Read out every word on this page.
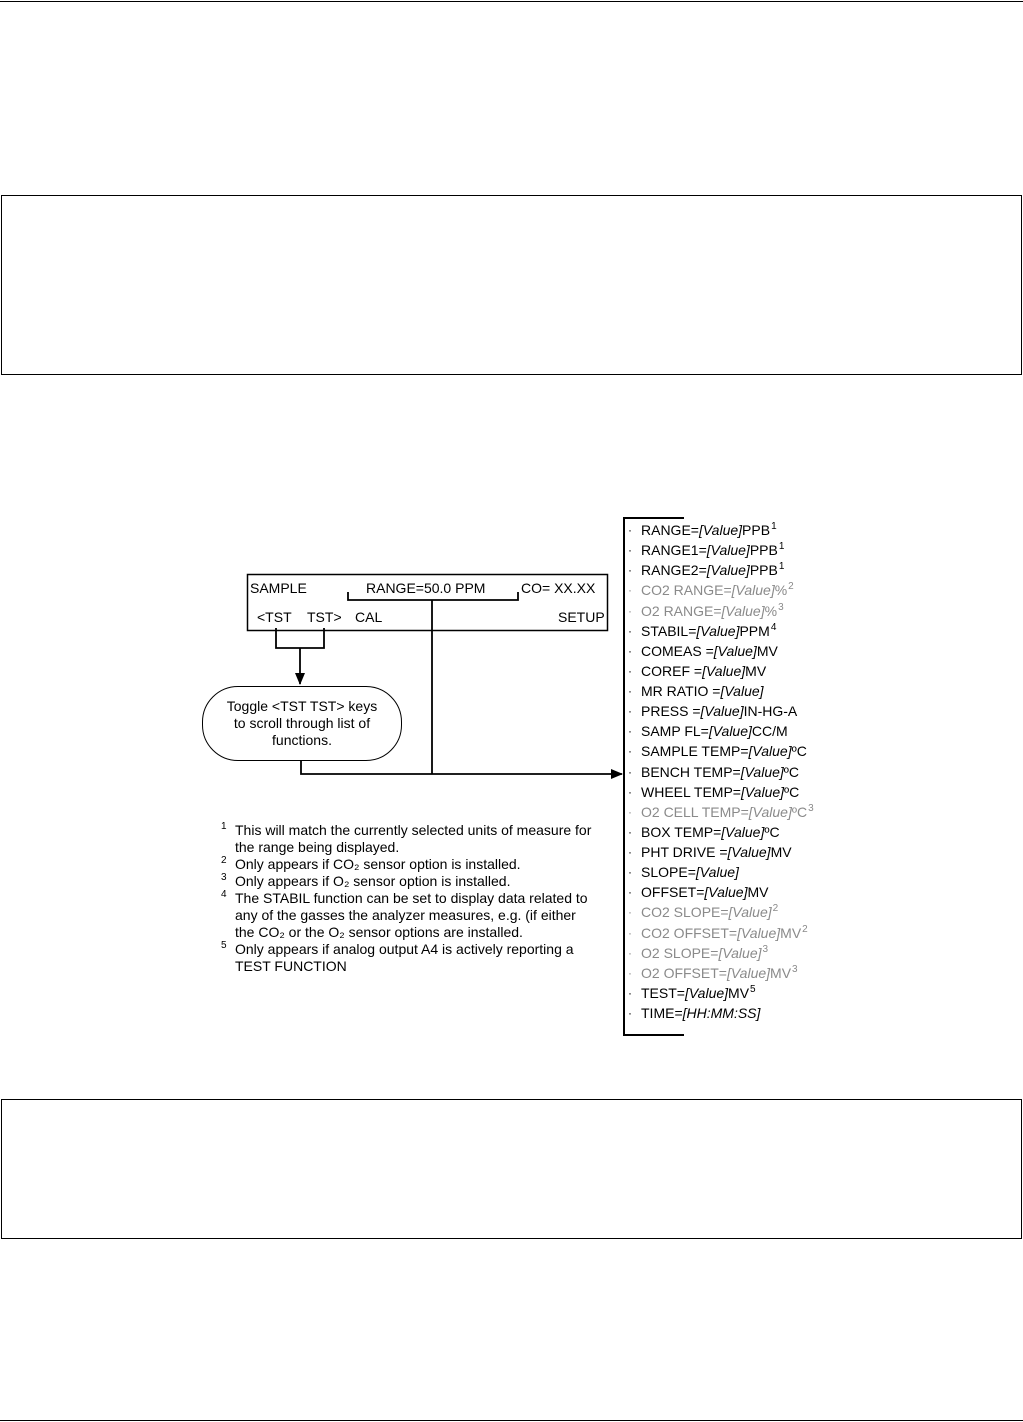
SAMPLE	RANGE=50.0 PPM	CO= XX.XX
<TST TST> CAL	SETUP
Toggle <TST TST> keys
to scroll through list of
functions.
1 This will match the currently selected units of measure for
the range being displayed.
2 Only appears if CO₂ sensor option is installed.
3 Only appears if O₂ sensor option is installed.
4 The STABIL function can be set to display data related to
any of the gasses the analyzer measures, e.g. (if either
the CO₂ or the O₂ sensor options are installed.
5 Only appears if analog output A4 is actively reporting a
TEST FUNCTION
· $RANGE=[Value]PPB^1$
· $RANGE1=[Value]PPB^1$
· $RANGE2=[Value]PPB^1$
· CO2 RANGE=[Value]%$^2$
· O2 RANGE=[Value]%$^3$
· $STABIL=[Value]PPM^4$
· COMEAS =[Value]MV
· COREF =[Value]MV
· MR RATIO =[Value]
· PRESS =[Value]IN-HG-A
· SAMP FL=[Value]CC/M
· SAMPLE TEMP=[Value]ºC
· BENCH TEMP=[Value]ºC
· WHEEL TEMP=[Value]ºC
· O2 CELL TEMP=[Value]ºC$^3$
· BOX TEMP=[Value]ºC
· PHT DRIVE =[Value]MV
· SLOPE=[Value]
· OFFSET=[Value]MV
· CO2 SLOPE=[Value]$^2$
· CO2 $OFFSET=[Value]MV^2$
· O2 SLOPE=[Value]$^3$
· O2 $OFFSET=[Value]MV^3$
· $TEST=[Value]MV^5$
· TIME=[HH:MM:SS]
